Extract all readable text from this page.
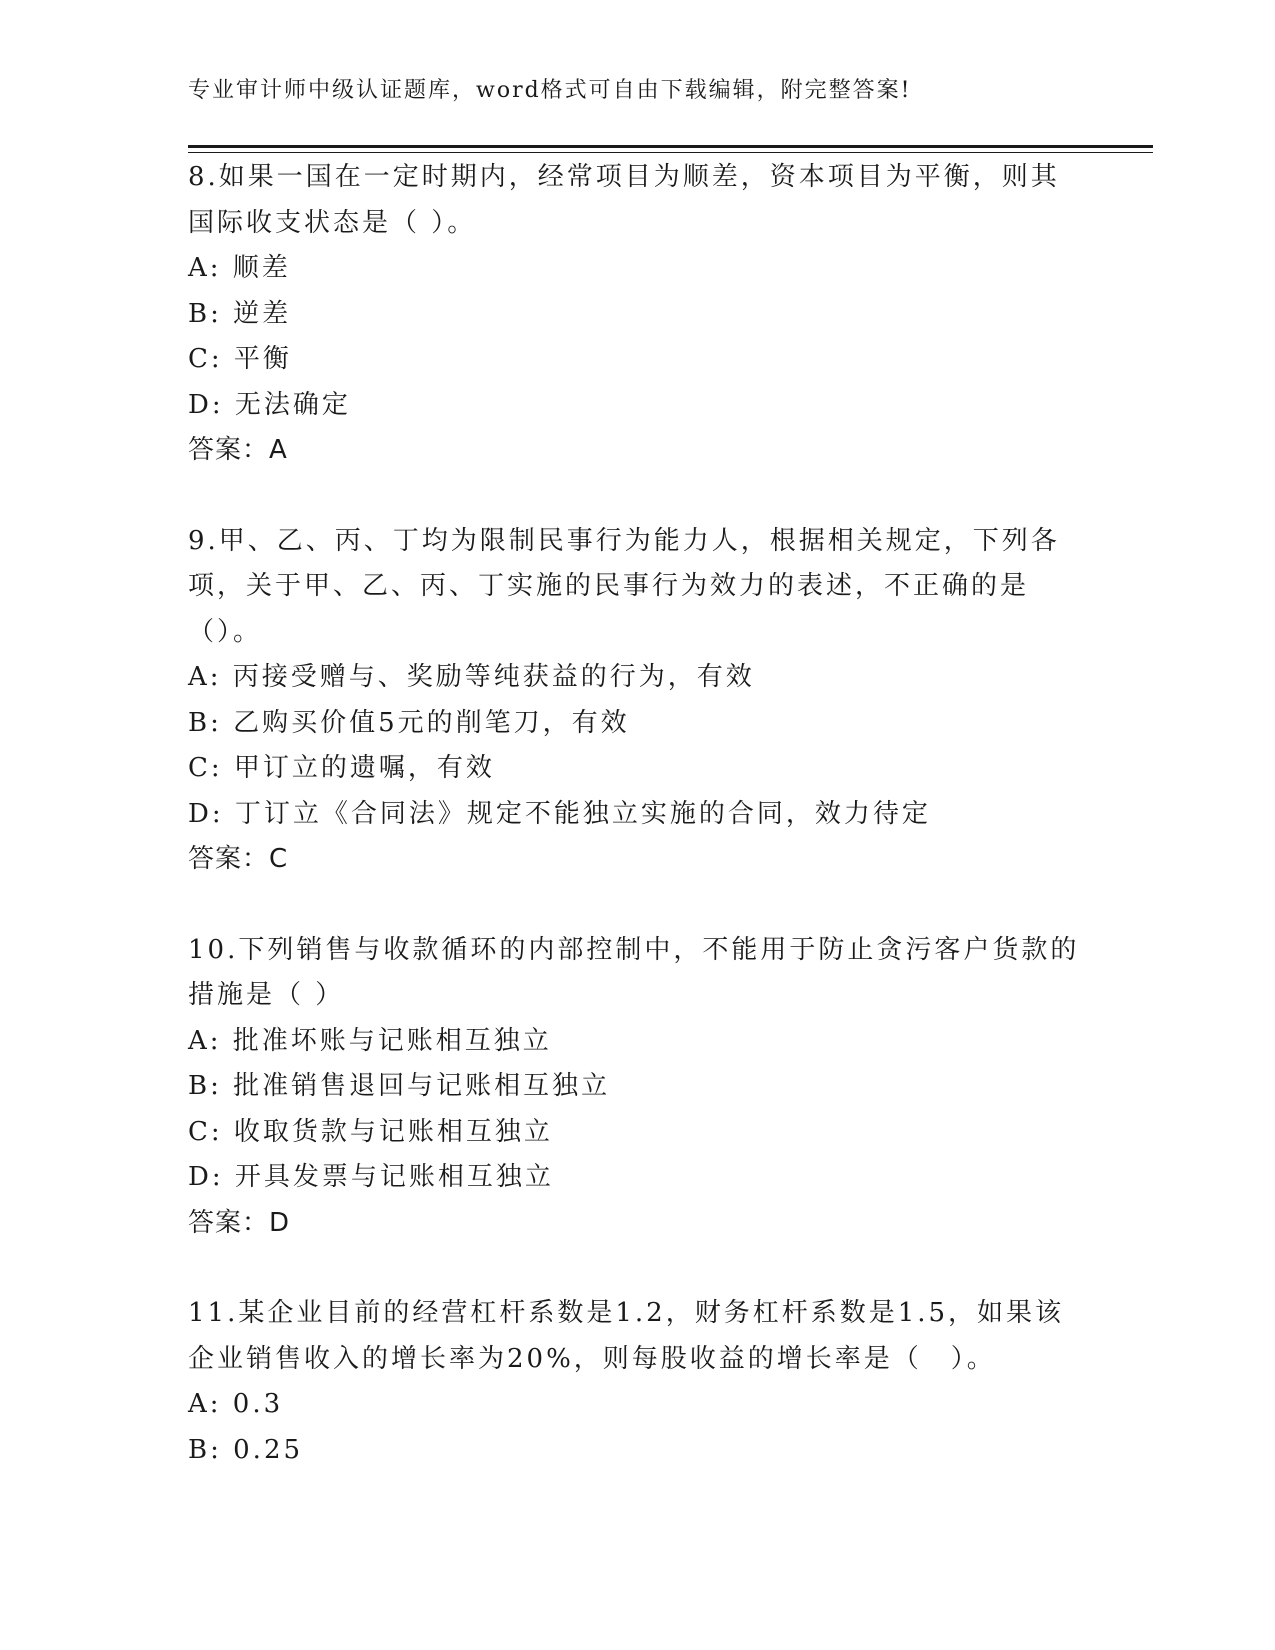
专业审计师中级认证题库，word格式可自由下载编辑，附完整答案!

8.如果一国在一定时期内，经常项目为顺差，资本项目为平衡，则其国际收支状态是（ ）。

A: 顺差

B: 逆差

C: 平衡

D: 无法确定

答案：A

9.甲、乙、丙、丁均为限制民事行为能力人，根据相关规定，下列各项，关于甲、乙、丙、丁实施的民事行为效力的表述，不正确的是（）。

A: 丙接受赠与、奖励等纯获益的行为，有效

B: 乙购买价值5元的削笔刀，有效

C: 甲订立的遗嘱，有效

D: 丁订立《合同法》规定不能独立实施的合同，效力待定

答案：C

10.下列销售与收款循环的内部控制中，不能用于防止贪污客户货款的措施是（ ）

A: 批准坏账与记账相互独立

B: 批准销售退回与记账相互独立

C: 收取货款与记账相互独立

D: 开具发票与记账相互独立

答案：D

11.某企业目前的经营杠杆系数是1.2，财务杠杆系数是1.5，如果该企业销售收入的增长率为20%，则每股收益的增长率是（　）。

A: 0.3

B: 0.25
